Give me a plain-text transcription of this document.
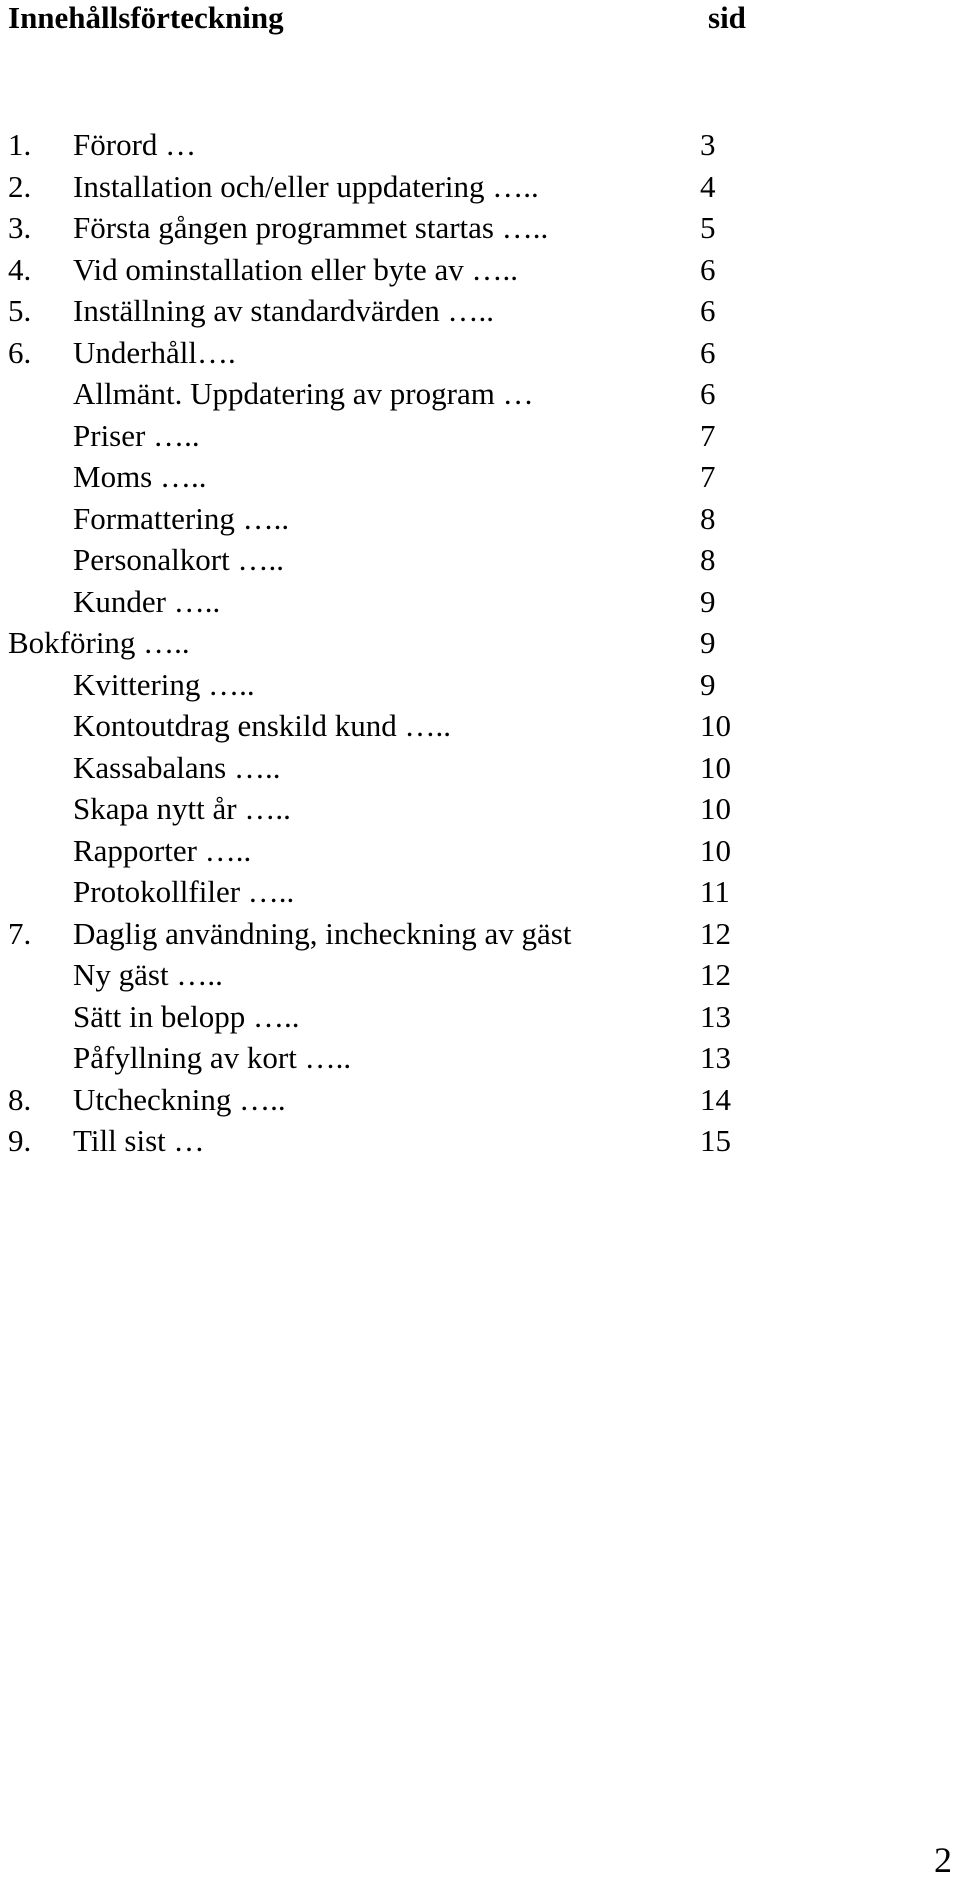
Innehållsförteckning	sid
1. Förord …	3
2. Installation och/eller uppdatering …..	4
3. Första gången programmet startas …..	5
4. Vid ominstallation eller byte av …..	6
5. Inställning av standardvärden …..	6
6. Underhåll….	6
Allmänt. Uppdatering av program …	6
Priser …..	7
Moms …..	7
Formattering …..	8
Personalkort …..	8
Kunder …..	9
Bokföring …..	9
Kvittering …..	9
Kontoutdrag enskild kund …..	10
Kassabalans …..	10
Skapa nytt år …..	10
Rapporter …..	10
Protokollfiler …..	11
7. Daglig användning, incheckning av gäst	12
Ny gäst …..	12
Sätt in belopp …..	13
Påfyllning av kort …..	13
8. Utcheckning …..	14
9. Till sist …	15
2
